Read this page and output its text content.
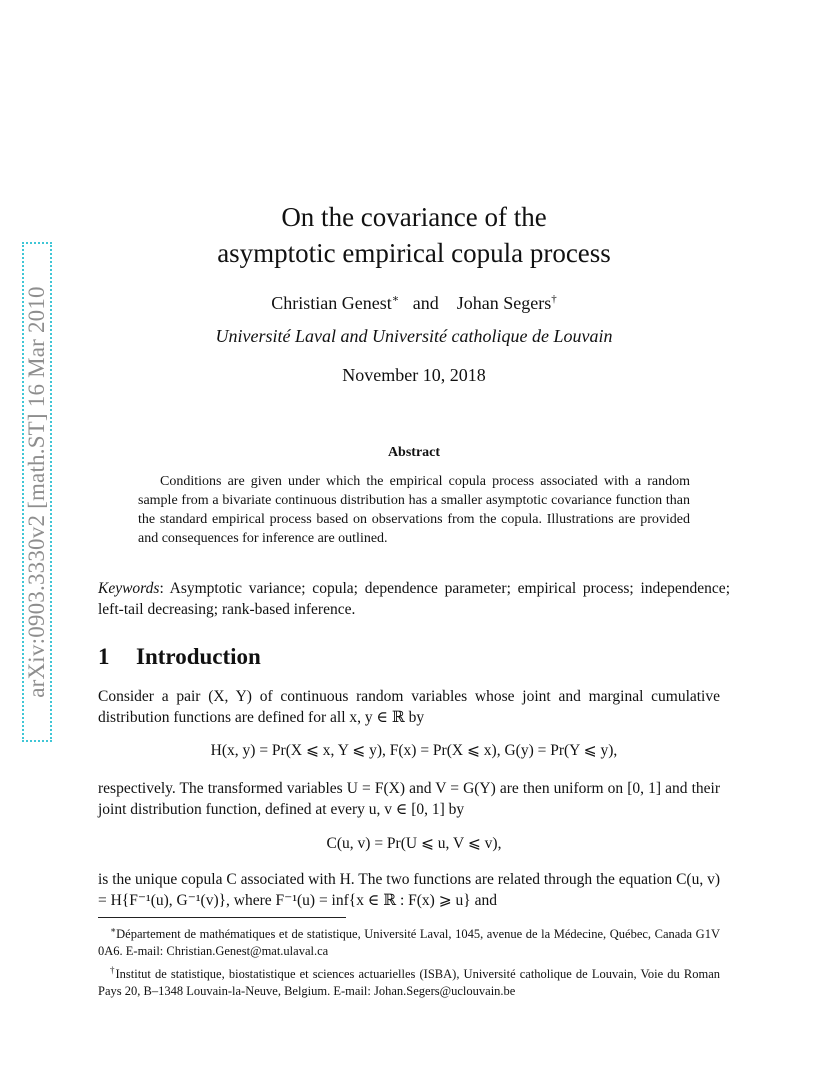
arXiv:0903.3330v2 [math.ST] 16 Mar 2010
On the covariance of the
asymptotic empirical copula process
Christian Genest∗ and Johan Segers†
Université Laval and Université catholique de Louvain
November 10, 2018
Abstract

Conditions are given under which the empirical copula process associated with a random sample from a bivariate continuous distribution has a smaller asymptotic covariance function than the standard empirical process based on observations from the copula. Illustrations are provided and consequences for inference are outlined.

Keywords: Asymptotic variance; copula; dependence parameter; empirical process; independence; left-tail decreasing; rank-based inference.
1 Introduction

Consider a pair (X, Y) of continuous random variables whose joint and marginal cumulative distribution functions are defined for all x, y ∈ ℝ by

H(x, y) = Pr(X ⩽ x, Y ⩽ y), F(x) = Pr(X ⩽ x), G(y) = Pr(Y ⩽ y),

respectively. The transformed variables U = F(X) and V = G(Y) are then uniform on [0, 1] and their joint distribution function, defined at every u, v ∈ [0, 1] by

C(u, v) = Pr(U ⩽ u, V ⩽ v),

is the unique copula C associated with H. The two functions are related through the equation C(u, v) = H{F⁻¹(u), G⁻¹(v)}, where F⁻¹(u) = inf{x ∈ ℝ : F(x) ⩾ u} and

∗Département de mathématiques et de statistique, Université Laval, 1045, avenue de la Médecine, Québec, Canada G1V 0A6. E-mail: Christian.Genest@mat.ulaval.ca

†Institut de statistique, biostatistique et sciences actuarielles (ISBA), Université catholique de Louvain, Voie du Roman Pays 20, B–1348 Louvain-la-Neuve, Belgium. E-mail: Johan.Segers@uclouvain.be
